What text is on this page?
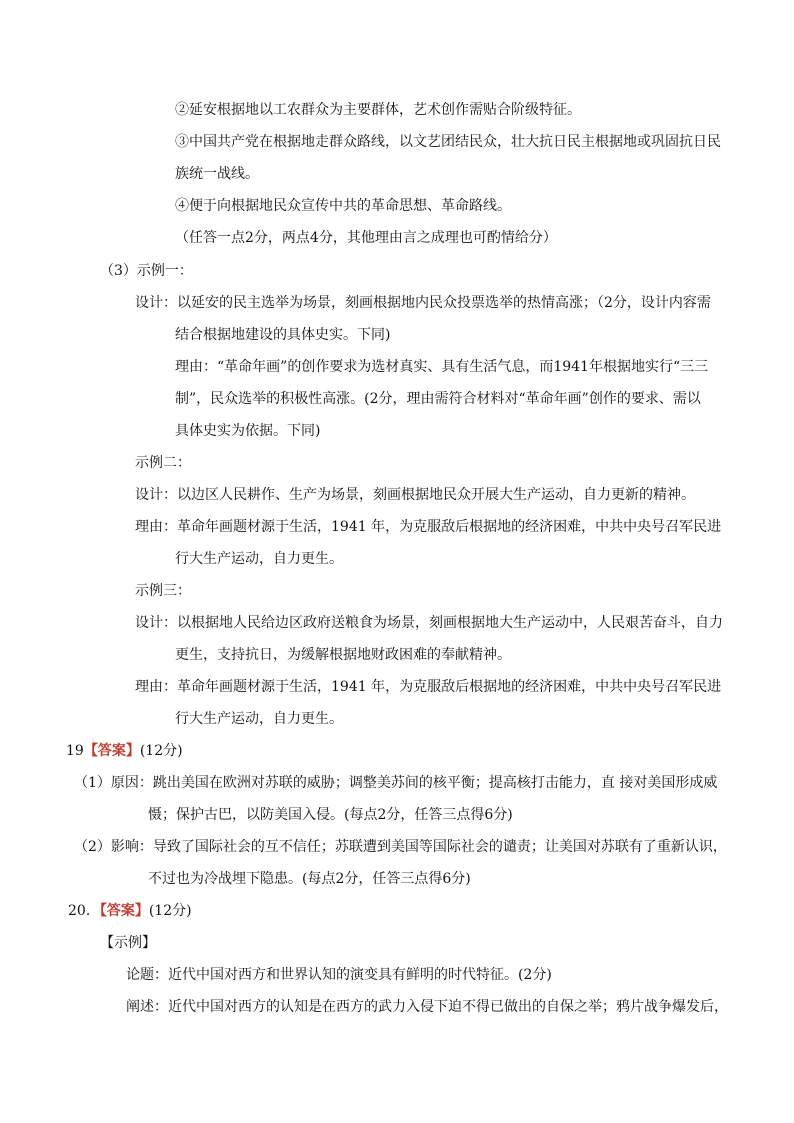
②延安根据地以工农群众为主要群体，艺术创作需贴合阶级特征。
③中国共产党在根据地走群众路线，以文艺团结民众，壮大抗日民主根据地或巩固抗日民
族统一战线。
④便于向根据地民众宣传中共的革命思想、革命路线。
（任答一点2分，两点4分，其他理由言之成理也可酌情给分）
（3）示例一：
设计：以延安的民主选举为场景，刻画根据地内民众投票选举的热情高涨；（2分，设计内容需
结合根据地建设的具体史实。下同)
理由：“革命年画”的创作要求为选材真实、具有生活气息，而1941年根据地实行“三三
制”，民众选举的积极性高涨。(2分，理由需符合材料对“革命年画”创作的要求、需以
具体史实为依据。下同)
示例二：
设计：以边区人民耕作、生产为场景，刻画根据地民众开展大生产运动，自力更新的精神。
理由：革命年画题材源于生活，1941 年，为克服敌后根据地的经济困难，中共中央号召军民进
行大生产运动，自力更生。
示例三：
设计：以根据地人民给边区政府送粮食为场景，刻画根据地大生产运动中，人民艰苦奋斗，自力
更生，支持抗日，为缓解根据地财政困难的奉献精神。
理由：革命年画题材源于生活，1941 年，为克服敌后根据地的经济困难，中共中央号召军民进
行大生产运动，自力更生。
19【答案】(12分)
（1）原因：跳出美国在欧洲对苏联的威胁；调整美苏间的核平衡；提高核打击能力，直 接对美国形成威
慑；保护古巴，以防美国入侵。(每点2分，任答三点得6分)
（2）影响：导致了国际社会的互不信任；苏联遭到美国等国际社会的谴责；让美国对苏联有了重新认识，
不过也为冷战埋下隐患。(每点2分，任答三点得6分)
20．【答案】(12分)
【示例】
论题：近代中国对西方和世界认知的演变具有鲜明的时代特征。(2分)
阐述：近代中国对西方的认知是在西方的武力入侵下迫不得已做出的自保之举；鸦片战争爆发后，
